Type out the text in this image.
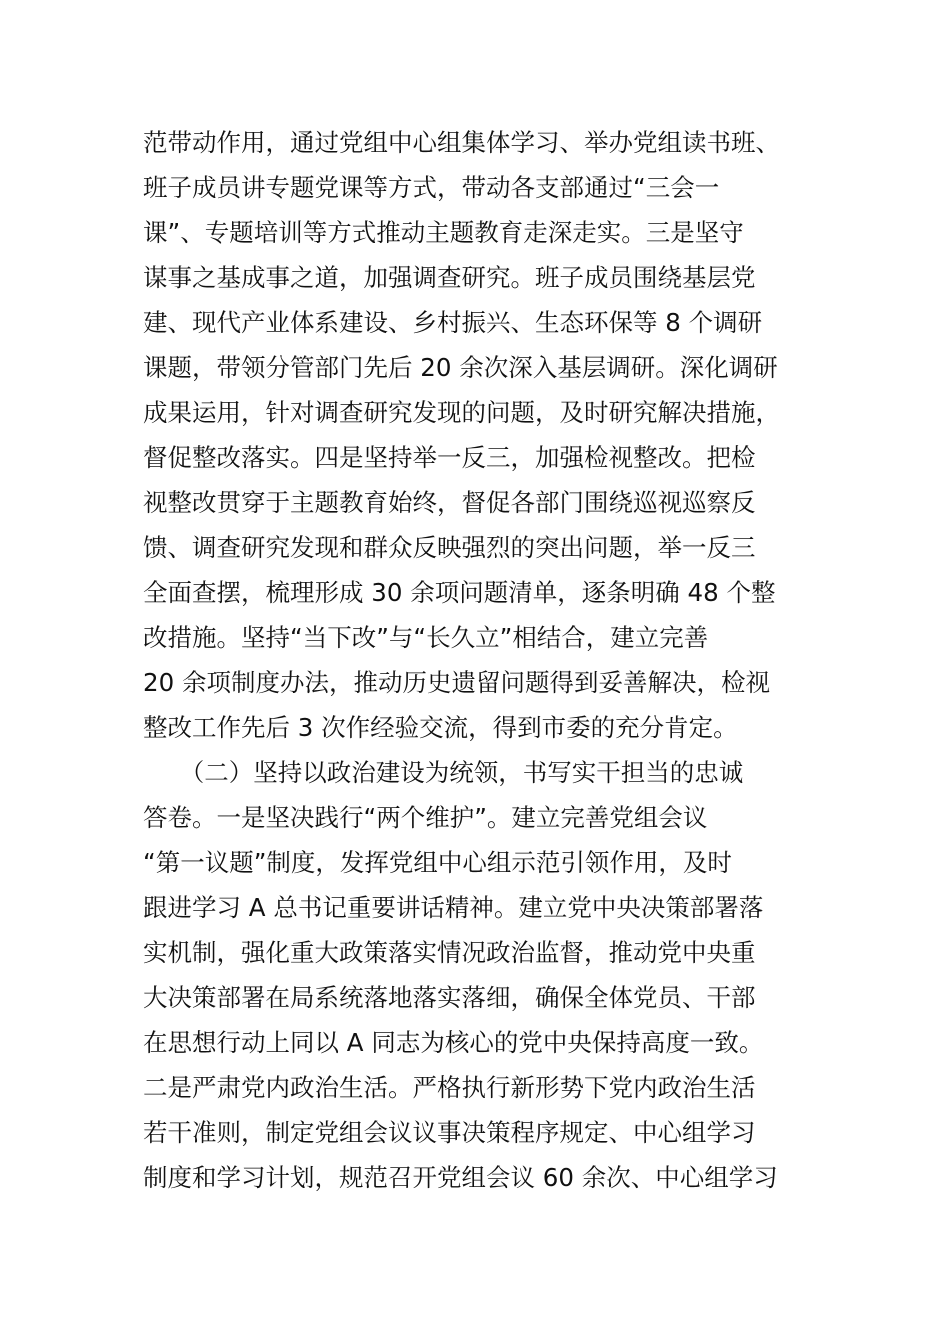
范带动作用，通过党组中心组集体学习、举办党组读书班、
班子成员讲专题党课等方式，带动各支部通过“三会一
课”、专题培训等方式推动主题教育走深走实。三是坚守
谋事之基成事之道，加强调查研究。班子成员围绕基层党
建、现代产业体系建设、乡村振兴、生态环保等 8 个调研
课题，带领分管部门先后 20 余次深入基层调研。深化调研
成果运用，针对调查研究发现的问题，及时研究解决措施，
督促整改落实。四是坚持举一反三，加强检视整改。把检
视整改贯穿于主题教育始终，督促各部门围绕巡视巡察反
馈、调查研究发现和群众反映强烈的突出问题，举一反三
全面查摆，梳理形成 30 余项问题清单，逐条明确 48 个整
改措施。坚持“当下改”与“长久立”相结合，建立完善
20 余项制度办法，推动历史遗留问题得到妥善解决，检视
整改工作先后 3 次作经验交流，得到市委的充分肯定。
　　（二）坚持以政治建设为统领，书写实干担当的忠诚
答卷。一是坚决践行“两个维护”。建立完善党组会议
“第一议题”制度，发挥党组中心组示范引领作用，及时
跟进学习 A 总书记重要讲话精神。建立党中央决策部署落
实机制，强化重大政策落实情况政治监督，推动党中央重
大决策部署在局系统落地落实落细，确保全体党员、干部
在思想行动上同以 A 同志为核心的党中央保持高度一致。
二是严肃党内政治生活。严格执行新形势下党内政治生活
若干准则，制定党组会议议事决策程序规定、中心组学习
制度和学习计划，规范召开党组会议 60 余次、中心组学习
